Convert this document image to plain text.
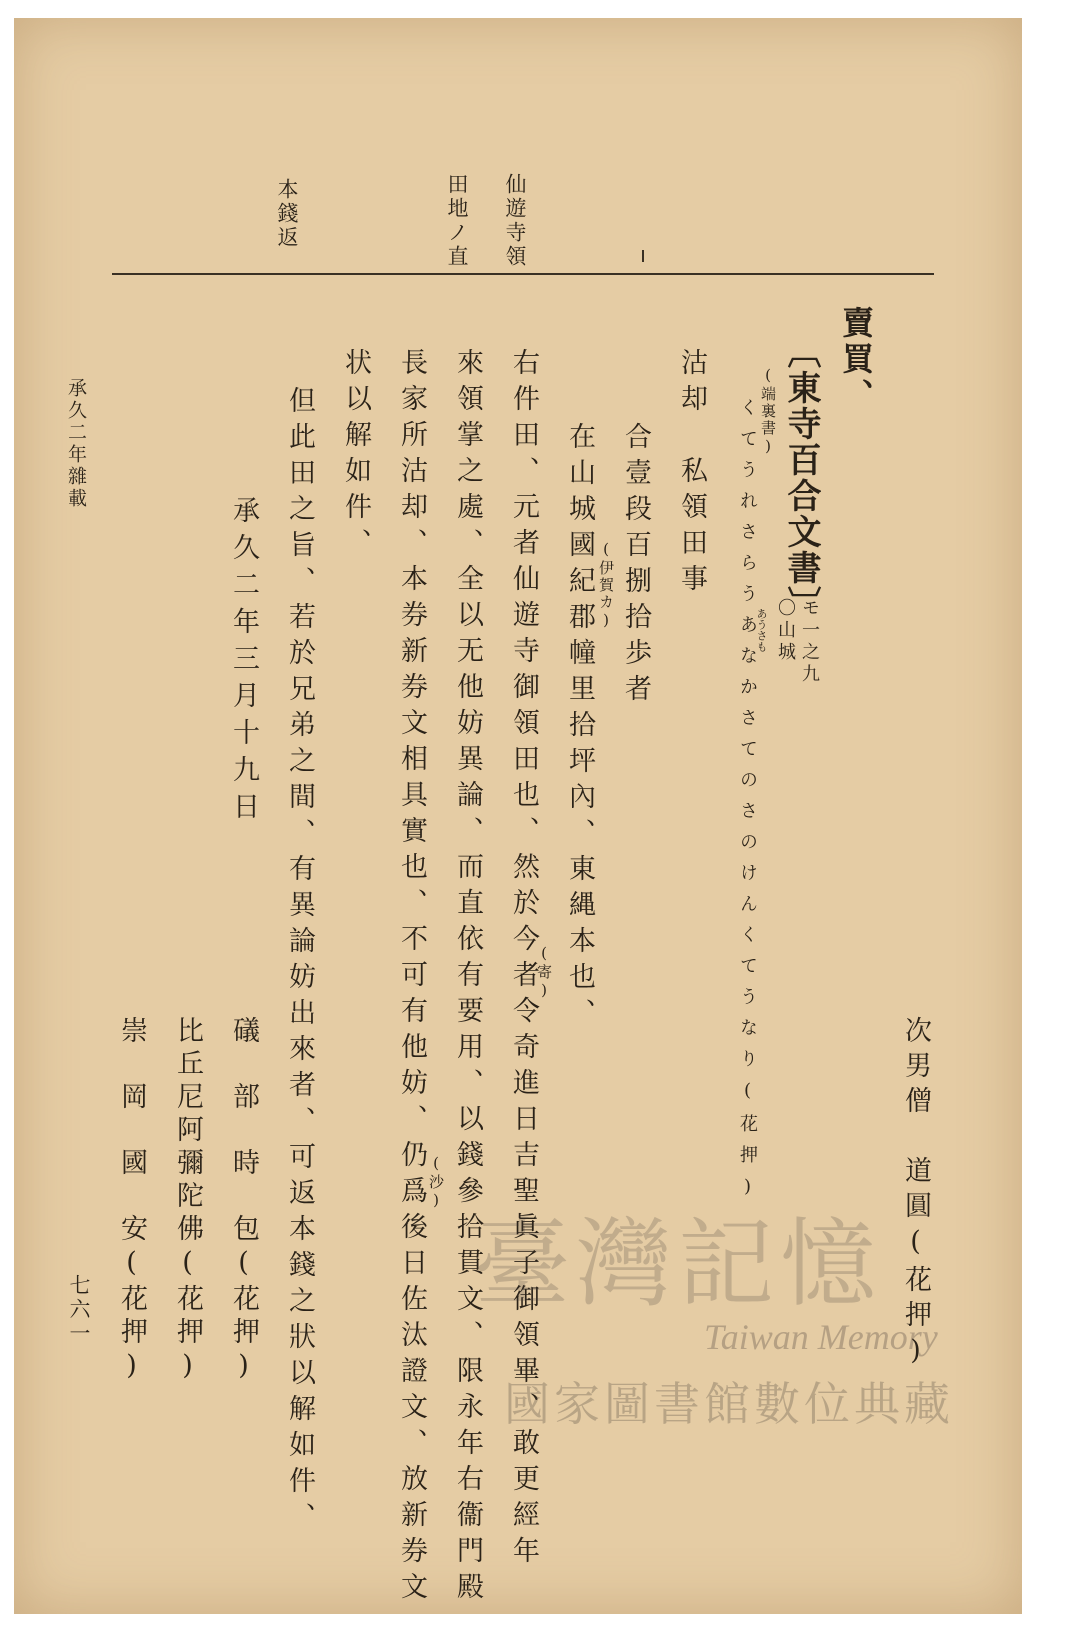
仙遊寺領
田地ノ直
本錢返
賣買、
〔東寺百合文書〕
モ一之九
〇山城
(端裏書)
くてうれさらうあなかさてのさのけんくてうなり(花押)
あうさも
沽却　私領田事
　合壹段百捌拾歩者
(伊賀カ)
　在山城國紀郡幢里拾坪內、東縄本也、
右件田、元者仙遊寺御領田也、然於今者令奇進日吉聖眞子御領畢、敢更經年
(寄)
來領掌之處、全以无他妨異論、而直依有要用、以錢參拾貫文、限永年右衞門殿
(沙)
長家所沽却、本券新券文相具實也、不可有他妨、仍爲後日佐汰證文、放新券文
状以解如件、
但此田之旨、若於兄弟之間、有異論妨出來者、可返本錢之狀以解如件、
承久二年三月十九日
次男僧　道圓(花押)
礒　部　時　包(花押)
比丘尼阿彌陀佛(花押)
崇　岡　國　安(花押)
承久二年雜載
七六一	臺灣記憶
Taiwan Memory
國家圖書館數位典藏
